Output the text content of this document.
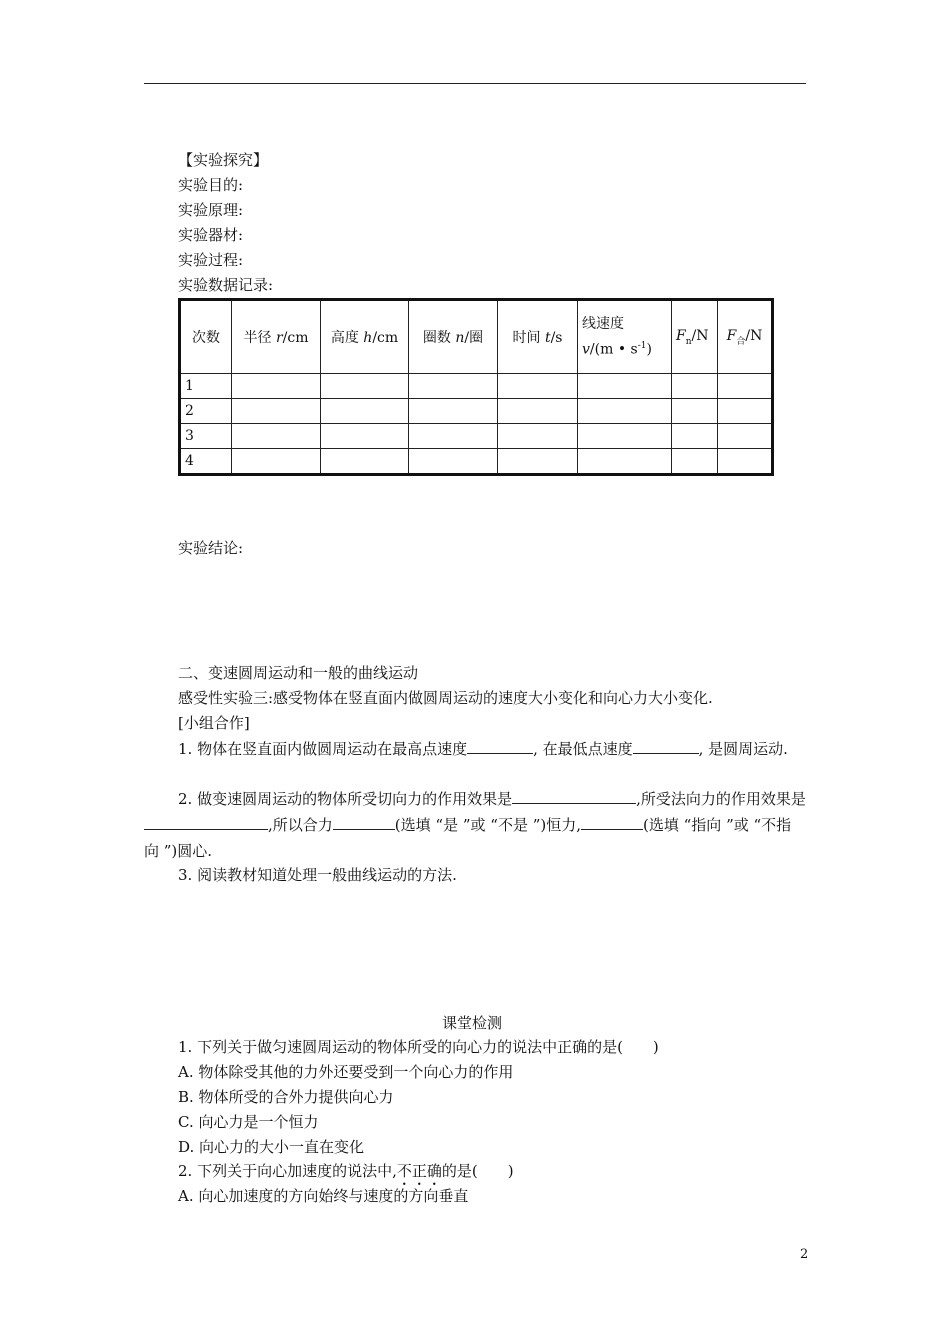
【实验探究】
实验目的:
实验原理:
实验器材:
实验过程:
实验数据记录:
次数	半径 r/cm	高度 h/cm	圈数 n/圈	时间 t/s	线速度
v/(m • $s^{-1}$)	$F_n/N$	$F_合/N$
1							
2							
3							
4							
实验结论:
二、变速圆周运动和一般的曲线运动
感受性实验三:感受物体在竖直面内做圆周运动的速度大小变化和向心力大小变化.
[小组合作]
1. 物体在竖直面内做圆周运动在最高点速度	, 在最低点速度	, 是圆周运动.
2. 做变速圆周运动的物体所受切向力的作用效果是	,所受法向力的作用效果是,所以合力	(选填 “是 ”或 “不是 ”)恒力,	(选填 “指向 ”或 “不指向 ”)圆心.
3. 阅读教材知道处理一般曲线运动的方法.
课堂检测
1. 下列关于做匀速圆周运动的物体所受的向心力的说法中正确的是(　　)
A. 物体除受其他的力外还要受到一个向心力的作用
B. 物体所受的合外力提供向心力
C. 向心力是一个恒力
D. 向心力的大小一直在变化
2. 下列关于向心加速度的说法中,不正确的是(　　)
A. 向心加速度的方向始终与速度的方向垂直
2
